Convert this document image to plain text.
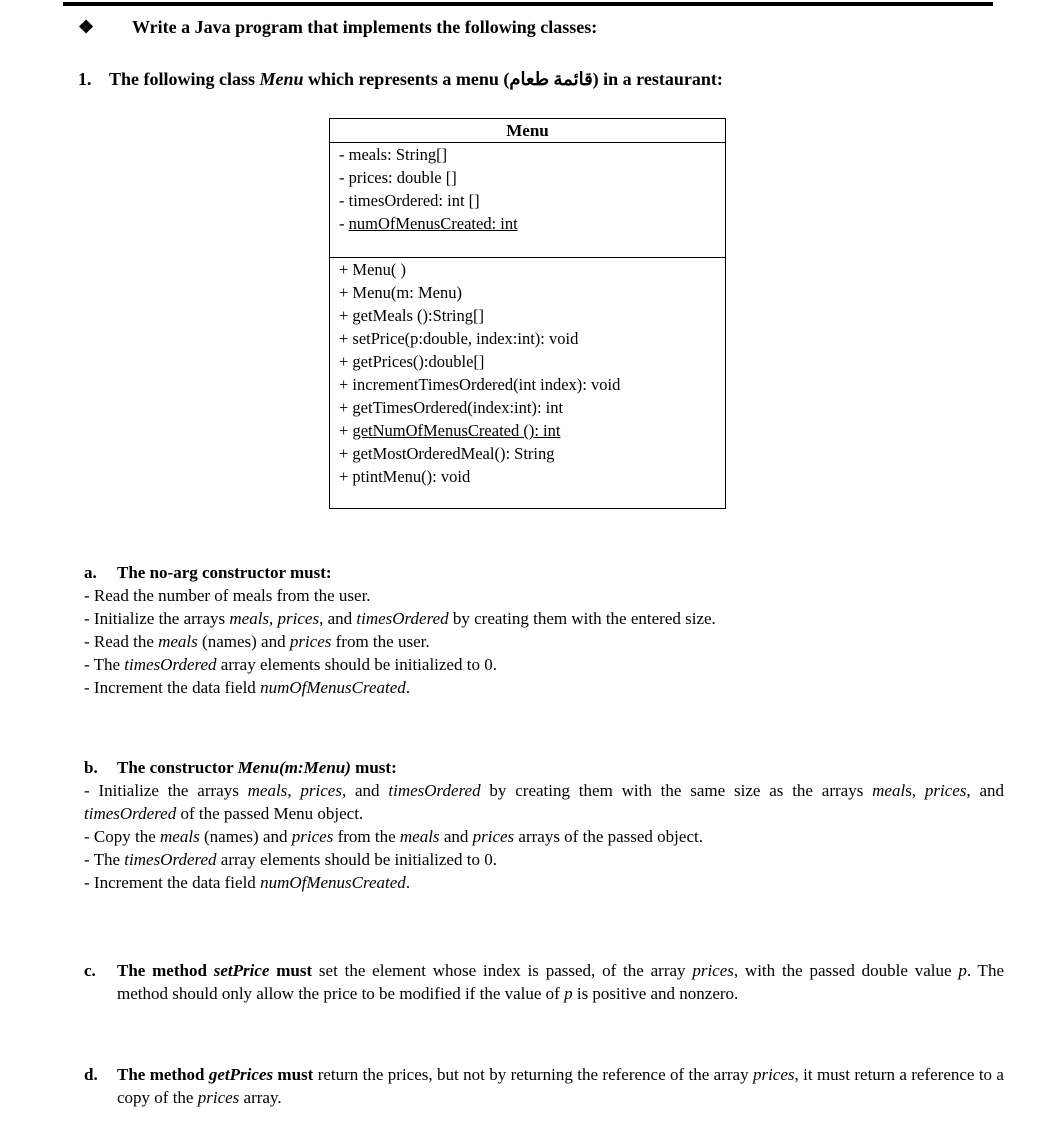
❖ Write a Java program that implements the following classes:
1. The following class Menu which represents a menu (قائمة طعام) in a restaurant:
Menu
- meals: String[]
- prices: double []
- timesOrdered: int []
- numOfMenusCreated: int
+ Menu( )
+ Menu(m: Menu)
+ getMeals ():String[]
+ setPrice(p:double, index:int): void
+ getPrices():double[]
+ incrementTimesOrdered(int index): void
+ getTimesOrdered(index:int): int
+ getNumOfMenusCreated (): int
+ getMostOrderedMeal(): String
+ ptintMenu(): void
a. The no-arg constructor must:
- Read the number of meals from the user.
- Initialize the arrays meals, prices, and timesOrdered by creating them with the entered size.
- Read the meals (names) and prices from the user.
- The timesOrdered array elements should be initialized to 0.
- Increment the data field numOfMenusCreated.
b. The constructor Menu(m:Menu) must:
- Initialize the arrays meals, prices, and timesOrdered by creating them with the same size as the arrays meals, prices, and timesOrdered of the passed Menu object.
- Copy the meals (names) and prices from the meals and prices arrays of the passed object.
- The timesOrdered array elements should be initialized to 0.
- Increment the data field numOfMenusCreated.
c.	The method setPrice must set the element whose index is passed, of the array prices, with the passed double value p. The method should only allow the price to be modified if the value of p is positive and nonzero.
d.	The method getPrices must return the prices, but not by returning the reference of the array prices, it must return a reference to a copy of the prices array.
